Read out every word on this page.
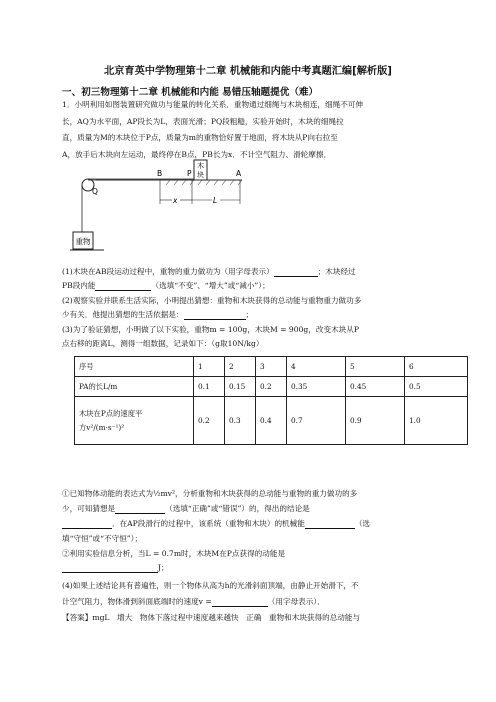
北京育英中学物理第十二章 机械能和内能中考真题汇编[解析版]
一、初三物理第十二章 机械能和内能 易错压轴题提优（难）
1．小明利用如图装置研究做功与能量的转化关系．重物通过细绳与木块相连，细绳不可伸
长，AQ为水平面，AP段长为L，表面光滑；PQ段粗糙，实验开始时，木块的细绳拉
直，质量为M的木块位于P点，质量为m的重物恰好置于地面，将木块从P向右拉至
A，放手后木块向左运动，最终停在B点，PB长为x．不计空气阻力、滑轮摩擦．
重物
木
块
Q
B	P	A
x	L
(1)木块在AB段运动过程中，重物的重力做功为（用字母表示）	；木块经过
PB段内能	（选填“不变”、“增大”或“减小”）；
(2)观察实验并联系生活实际，小明提出猜想：重物和木块获得的总动能与重物重力做功多
少有关．他提出猜想的生活依据是：	；
(3)为了验证猜想，小明做了以下实验，重物m = 100g，木块M = 900g，改变木块从P
点右移的距离L，测得一组数据，记录如下：（g取10N/kg）
序号	1	2	3	4	5	6
PA的长L/m	0.1	0.15	0.2	0.35	0.45	0.5

木块在P点的速度平
方v²/(m·s⁻¹)²	0.2	0.3	0.4	0.7	0.9	1.0
①已知物体动能的表达式为½mv²，分析重物和木块获得的总动能与重物的重力做功的多
少，可知猜想是	（选填“正确”或“错误”）的，得出的结论是
．在AP段滑行的过程中，该系统（重物和木块）的机械能	（选
填“守恒”或“不守恒”）；
②利用实验信息分析，当L = 0.7m时，木块M在P点获得的动能是
J；
(4)如果上述结论具有普遍性，则一个物体从高为h的光滑斜面顶端，由静止开始滑下，不
计空气阻力，物体滑到斜面底端时的速度v =	（用字母表示）．
【答案】mgL　增大　物体下落过程中速度越来越快　正确　重物和木块获得的总动能与
